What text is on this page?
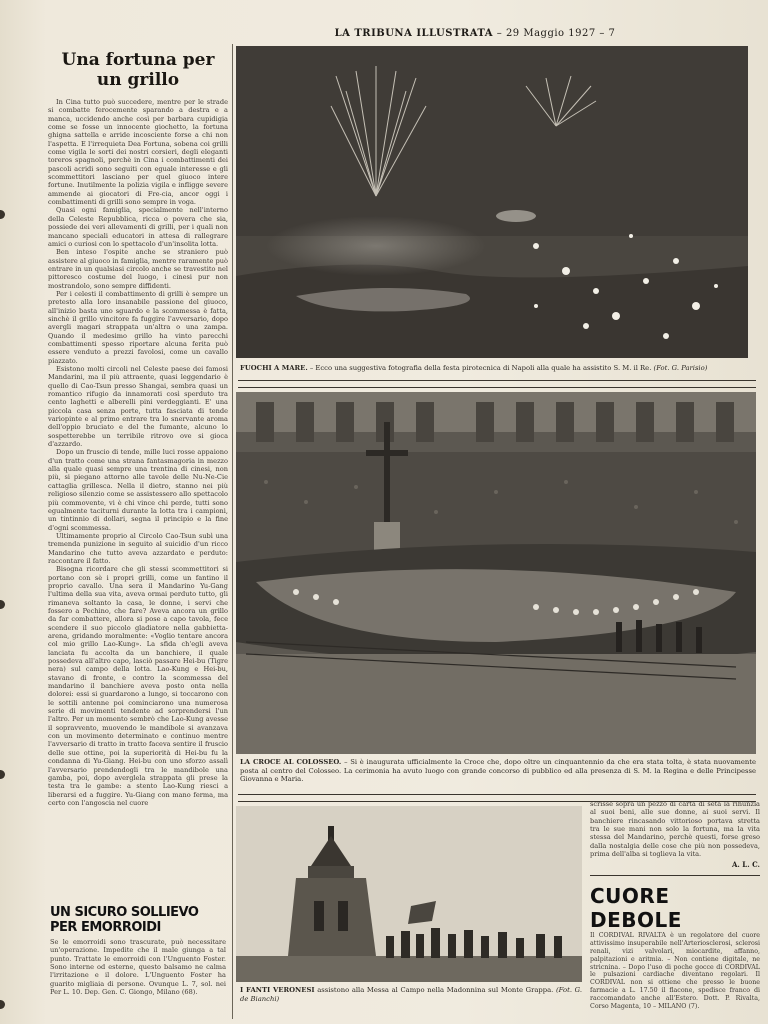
LA TRIBUNA ILLUSTRATA – 29 Maggio 1927 – 7
Una fortuna per un grillo

In Cina tutto può succedere, mentre per le strade si combatte ferocemente sparando a destra e a manca, uccidendo anche così per barbara cupidigia come se fosse un innocente giochetto, la fortuna ghigna sattella e arride incosciente forse a chi non l'aspetta. E l'irrequieta Dea Fortuna, sobena coi grilli come vigila le sorti dei nostri corsieri, degli eleganti toreros spagnoli, perchè in Cina i combattimenti dei pascoli acridi sono seguiti con eguale interesse e gli scommettitori lasciano per quel giuoco intere fortune. Inutilmente la polizia vigila e infligge severe ammende ai giocatori di Fre-cia, ancor oggi i combattimenti di grilli sono sempre in voga.

Quasi ogni famiglia, specialmente nell'interno della Celeste Repubblica, ricca o povera che sia, possiede dei veri allevamenti di grilli, per i quali non mancano speciali educatori in attesa di rallegrare amici o curiosi con lo spettacolo d'un'insolita lotta.

Ben inteso l'ospite anche se straniero può assistere al giuoco in famiglia, mentre raramente può entrare in un qualsiasi circolo anche se travestito nel pittoresco costume del luogo, i cinesi pur non mostrandolo, sono sempre diffidenti.

Per i celesti il combattimento di grilli è sempre un pretesto alla loro insanabile passione del giuoco, all'inizio basta uno sguardo e la scommessa è fatta, sinchè il grillo vincitore fa fuggire l'avversario, dopo avergli magari strappata un'altra o una zampa. Quando il medesimo grillo ha vinto parecchi combattimenti spesso riportare alcuna ferita può essere venduto a prezzi favolosi, come un cavallo piazzato.

Esistono molti circoli nel Celeste paese dei famosi Mandarini, ma il più attraente, quasi leggendario è quello di Cao-Tsun presso Shangai, sembra quasi un romantico rifugio da innamorati così sperduto tra cento laghetti e alberelli pini verdeggianti. E' una piccola casa senza porte, tutta fasciata di tende variopinte e al primo entrare tra lo snervante aroma dell'oppio bruciato e del the fumante, alcuno lo sospetterebbe un terribile ritrovo ove si gioca d'azzardo.

Dopo un fruscio di tende, mille luci rosse appaiono d'un tratto come una strana fantasmagoria in mezzo alla quale quasi sempre una trentina di cinesi, non più, si piegano attorno alle tavole delle Nu-Ne-Cie cattaglia grillesca. Nella il dietro, stanno nei più religioso silenzio come se assistessero allo spettacolo più commovente, vi è chi vince chi perde, tutti sono egualmente taciturni durante la lotta tra i campioni, un tintinnio di dollari, segna il principio e la fine d'ogni scommessa.

Ultimamente proprio al Circolo Cao-Tsun subì una tremenda punizione in seguito al suicidio d'un ricco Mandarino che tutto aveva azzardato e perduto: raccontare il fatto.

Bisogna ricordare che gli stessi scommettitori si portano con sè i propri grilli, come un fantino il proprio cavallo. Una sera il Mandarino Yu-Gang l'ultima della sua vita, aveva ormai perduto tutto, gli rimaneva soltanto la casa, le donne, i servi che fossero a Pechino, che fare? Aveva ancora un grillo da far combattere, allora si pose a capo tavola, fece scendere il suo piccolo gladiatore nella gabbietta-arena, gridando moralmente: «Voglio tentare ancora col mio grillo Lao-Kung». La sfida ch'egli aveva lanciata fu accolta da un banchiere, il quale possedeva all'altro capo, lasciò passare Hei-bu (Tigre nera) sul campo della lotta. Lao-Kung e Hei-bu, stavano di fronte, e contro la scommessa del mandarino il banchiere aveva posto onta nella dolorei: essi si guardarono a lungo, si toccarono con le sottili antenne poi cominciarono una numerosa serie di movimenti tendente ad sorprendersi l'un l'altro. Per un momento sembrò che Lao-Kung avesse il sopravvento, muovendo le mandibole si avanzava con un movimento determinato e continuo mentre l'avversario di tratto in tratto faceva sentire il fruscio delle sue ottine, poi la superiorità di Hei-bu fu la condanna di Yu-Giang. Hei-bu con uno sforzo assalì l'avversario prendendogli tra le mandibole una gamba, poi, dopo averglela strappata gli prese la testa tra le gambe: a stento Lao-Kung riesci a liberarsi ed a fuggire. Yu-Giang con mano ferma, ma certo con l'angoscia nel cuore

UN SICURO SOLLIEVO PER EMORROIDI
Se le emorroidi sono trascurate, può necessitare un'operazione. Impedite che il male giunga a tal punto. Trattate le emorroidi con l'Unguento Foster. Sono interne od esterne, questo balsamo ne calma l'irritazione e il dolore. L'Unguento Foster ha guarito migliaia di persone. Ovunque L. 7, sol. nei Per L. 10. Dep. Gen. C. Giongo, Milano (68).
FUOCHI A MARE. – Ecco una suggestiva fotografia della festa pirotecnica di Napoli alla quale ha assistito S. M. il Re. (Fot. G. Parisio)
LA CROCE AL COLOSSEO. – Si è inaugurata ufficialmente la Croce che, dopo oltre un cinquantennio da che era stata tolta, è stata nuovamente posta al centro del Colosseo. La cerimonia ha avuto luogo con grande concorso di pubblico ed alla presenza di S. M. la Regina e delle Principesse Giovanna e Maria.
I FANTI VERONESI assistono alla Messa al Campo nella Madonnina sul Monte Grappa. (Fot. G. de Bianchi)
scrisse sopra un pezzo di carta di seta la rinunzia al suoi beni, alle sue donne, ai suoi servi. Il banchiere rincasando vittorioso portava stretta tra le sue mani non solo la fortuna, ma la vita stessa del Mandarino, perchè questi, forse greso dalla nostalgia delle cose che più non possedeva, prima dell'alba si toglieva la vita.
A. L. C.
CUORE DEBOLE
Il CORDIVAL RIVALTA è un regolatore del cuore attivissimo insuperabile nell'Arteriosclerosi, sclerosi renali, vizi valvolari, miocardite, affanno, palpitazioni e aritmia. – Non contiene digitale, ne stricnina. – Dopo l'uso di poche gocce di CORDIVAL le pulsazioni cardiache diventano regolari. Il CORDIVAL non si ottiene che presso le buone farmacie a L. 17.50 il flacone, spedisce franco di raccomandato anche all'Estero. Dott. P. Rivalta, Corso Magenta, 10 – MILANO (7).
